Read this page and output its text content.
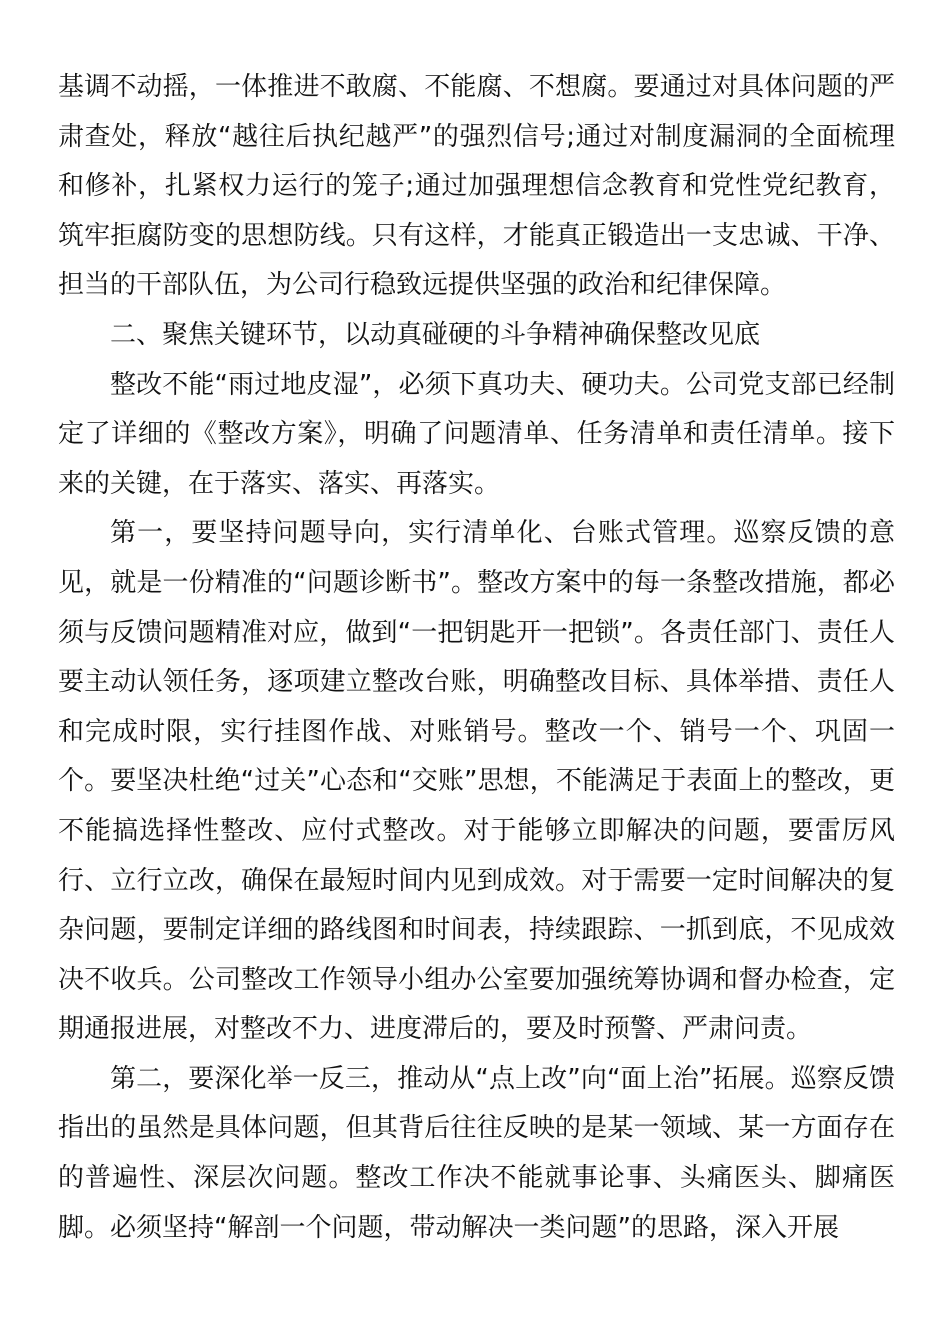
基调不动摇，一体推进不敢腐、不能腐、不想腐。要通过对具体问题的严肃查处，释放“越往后执纪越严”的强烈信号;通过对制度漏洞的全面梳理和修补，扎紧权力运行的笼子;通过加强理想信念教育和党性党纪教育，筑牢拒腐防变的思想防线。只有这样，才能真正锻造出一支忠诚、干净、担当的干部队伍，为公司行稳致远提供坚强的政治和纪律保障。

二、聚焦关键环节，以动真碰硬的斗争精神确保整改见底

整改不能“雨过地皮湿”，必须下真功夫、硬功夫。公司党支部已经制定了详细的《整改方案》，明确了问题清单、任务清单和责任清单。接下来的关键，在于落实、落实、再落实。

第一，要坚持问题导向，实行清单化、台账式管理。巡察反馈的意见，就是一份精准的“问题诊断书”。整改方案中的每一条整改措施，都必须与反馈问题精准对应，做到“一把钥匙开一把锁”。各责任部门、责任人要主动认领任务，逐项建立整改台账，明确整改目标、具体举措、责任人和完成时限，实行挂图作战、对账销号。整改一个、销号一个、巩固一个。要坚决杜绝“过关”心态和“交账”思想，不能满足于表面上的整改，更不能搞选择性整改、应付式整改。对于能够立即解决的问题，要雷厉风行、立行立改，确保在最短时间内见到成效。对于需要一定时间解决的复杂问题，要制定详细的路线图和时间表，持续跟踪、一抓到底，不见成效决不收兵。公司整改工作领导小组办公室要加强统筹协调和督办检查，定期通报进展，对整改不力、进度滞后的，要及时预警、严肃问责。

第二，要深化举一反三，推动从“点上改”向“面上治”拓展。巡察反馈指出的虽然是具体问题，但其背后往往反映的是某一领域、某一方面存在的普遍性、深层次问题。整改工作决不能就事论事、头痛医头、脚痛医脚。必须坚持“解剖一个问题，带动解决一类问题”的思路，深入开展
